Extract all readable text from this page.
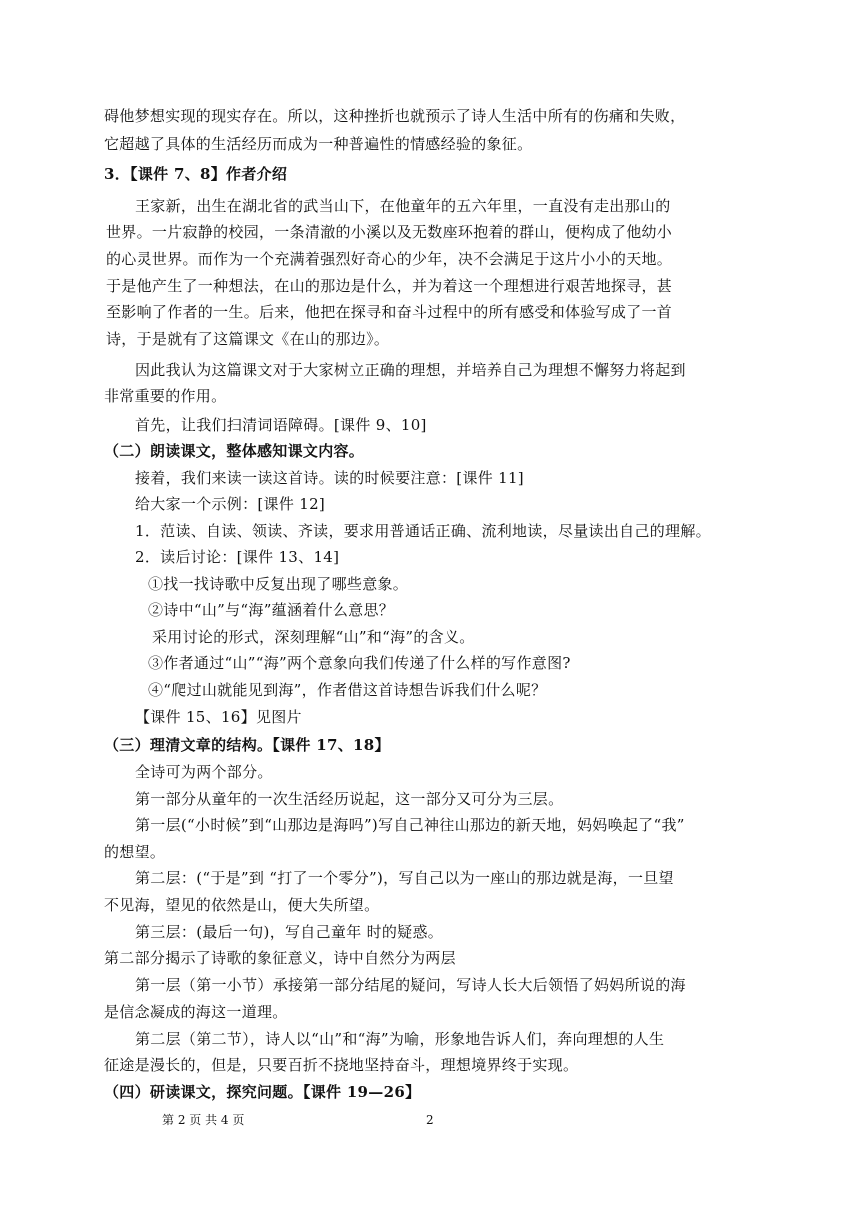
碍他梦想实现的现实存在。所以，这种挫折也就预示了诗人生活中所有的伤痛和失败，
它超越了具体的生活经历而成为一种普遍性的情感经验的象征。
3．【课件 7、8】作者介绍
王家新，出生在湖北省的武当山下，在他童年的五六年里，一直没有走出那山的
世界。一片寂静的校园，一条清澈的小溪以及无数座环抱着的群山，便构成了他幼小
的心灵世界。而作为一个充满着强烈好奇心的少年，决不会满足于这片小小的天地。
于是他产生了一种想法，在山的那边是什么，并为着这一个理想进行艰苦地探寻，甚
至影响了作者的一生。后来，他把在探寻和奋斗过程中的所有感受和体验写成了一首
诗，于是就有了这篇课文《在山的那边》。
因此我认为这篇课文对于大家树立正确的理想，并培养自己为理想不懈努力将起到
非常重要的作用。
首先，让我们扫清词语障碍。[课件 9、10]
（二）朗读课文，整体感知课文内容。
接着，我们来读一读这首诗。读的时候要注意：[课件 11]
给大家一个示例：[课件 12]
1．范读、自读、领读、齐读，要求用普通话正确、流利地读，尽量读出自己的理解。
2．读后讨论：[课件 13、14]
①找一找诗歌中反复出现了哪些意象。
②诗中“山”与“海”蕴涵着什么意思？
采用讨论的形式，深刻理解“山”和“海”的含义。
③作者通过“山”“海”两个意象向我们传递了什么样的写作意图?
④“爬过山就能见到海”，作者借这首诗想告诉我们什么呢？
【课件 15、16】见图片
（三）理清文章的结构。【课件 17、18】
全诗可为两个部分。
第一部分从童年的一次生活经历说起，这一部分又可分为三层。
第一层(“小时候”到“山那边是海吗”)写自己神往山那边的新天地，妈妈唤起了“我”
的想望。
第二层：(“于是”到 “打了一个零分”)，写自己以为一座山的那边就是海，一旦望
不见海，望见的依然是山，便大失所望。
第三层：(最后一句)，写自己童年 时的疑惑。
第二部分揭示了诗歌的象征意义，诗中自然分为两层
第一层（第一小节）承接第一部分结尾的疑问，写诗人长大后领悟了妈妈所说的海
是信念凝成的海这一道理。
第二层（第二节），诗人以“山”和“海”为喻，形象地告诉人们，奔向理想的人生
征途是漫长的，但是，只要百折不挠地坚持奋斗，理想境界终于实现。
（四）研读课文，探究问题。【课件 19—26】
第 2 页 共 4 页	2
